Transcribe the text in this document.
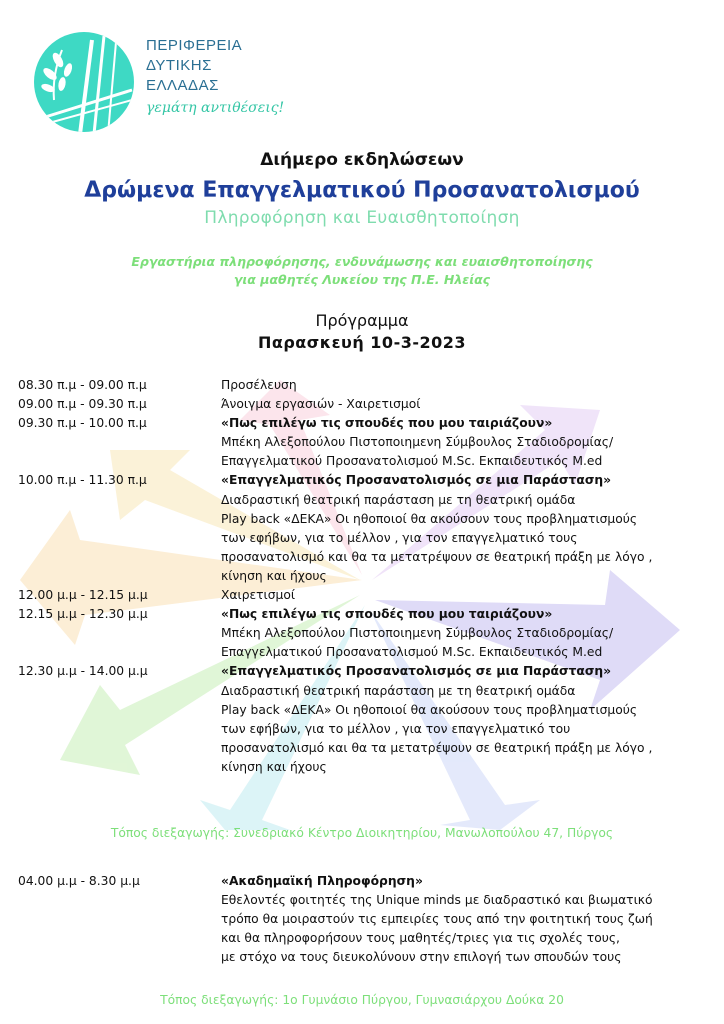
ΠΕΡΙΦΕΡΕΙΑ
ΔΥΤΙΚΗΣ
ΕΛΛΑΔΑΣ
γεμάτη αντιθέσεις!
Διήμερο εκδηλώσεων
Δρώμενα Επαγγελματικού Προσανατολισμού
Πληροφόρηση και Ευαισθητοποίηση
Εργαστήρια πληροφόρησης, ενδυνάμωσης και ευαισθητοποίησης
για μαθητές Λυκείου της Π.Ε. Ηλείας
Πρόγραμμα
Παρασκευή 10-3-2023
08.30 π.μ - 09.00 π.μ	Προσέλευση
09.00 π.μ - 09.30 π.μ	Άνοιγμα εργασιών - Χαιρετισμοί
09.30 π.μ - 10.00 π.μ	«Πως επιλέγω τις σπουδές που μου ταιριάζουν»
Μπέκη Αλεξοπούλου Πιστοποιημενη Σύμβουλος Σταδιοδρομίας/
Επαγγελματικού Προσανατολισμού M.Sc. Εκπαιδευτικός M.ed
10.00 π.μ - 11.30 π.μ	«Επαγγελματικός Προσανατολισμός σε μια Παράσταση»
Διαδραστική θεατρική παράσταση με τη θεατρική ομάδα
Play back «ΔΕΚΑ» Οι ηθοποιοί θα ακούσουν τους προβληματισμούς
των εφήβων, για το μέλλον , για τον επαγγελματικό τους
προσανατολισμό και θα τα μετατρέψουν σε θεατρική πράξη με λόγο ,
κίνηση και ήχους
12.00 μ.μ - 12.15 μ.μ	Χαιρετισμοί
12.15 μ.μ - 12.30 μ.μ	«Πως επιλέγω τις σπουδές που μου ταιριάζουν»
Μπέκη Αλεξοπούλου Πιστοποιημενη Σύμβουλος Σταδιοδρομίας/
Επαγγελματικού Προσανατολισμού M.Sc. Εκπαιδευτικός M.ed
12.30 μ.μ - 14.00 μ.μ	«Επαγγελματικός Προσανατολισμός σε μια Παράσταση»
Διαδραστική θεατρική παράσταση με τη θεατρική ομάδα
Play back «ΔΕΚΑ» Οι ηθοποιοί θα ακούσουν τους προβληματισμούς
των εφήβων, για το μέλλον , για τον επαγγελματικό του
προσανατολισμό και θα τα μετατρέψουν σε θεατρική πράξη με λόγο ,
κίνηση και ήχους
Τόπος διεξαγωγής: Συνεδριακό Κέντρο Διοικητηρίου, Μανωλοπούλου 47, Πύργος
04.00 μ.μ - 8.30 μ.μ	«Ακαδημαϊκή Πληροφόρηση»
Εθελοντές φοιτητές της Unique minds με διαδραστικό και βιωματικό
τρόπο θα μοιραστούν τις εμπειρίες τους από την φοιτητική τους ζωή
και θα πληροφορήσουν τους μαθητές/τριες για τις σχολές τους,
με στόχο να τους διευκολύνουν στην επιλογή των σπουδών τους
Τόπος διεξαγωγής: 1ο Γυμνάσιο Πύργου, Γυμνασιάρχου Δούκα 20
